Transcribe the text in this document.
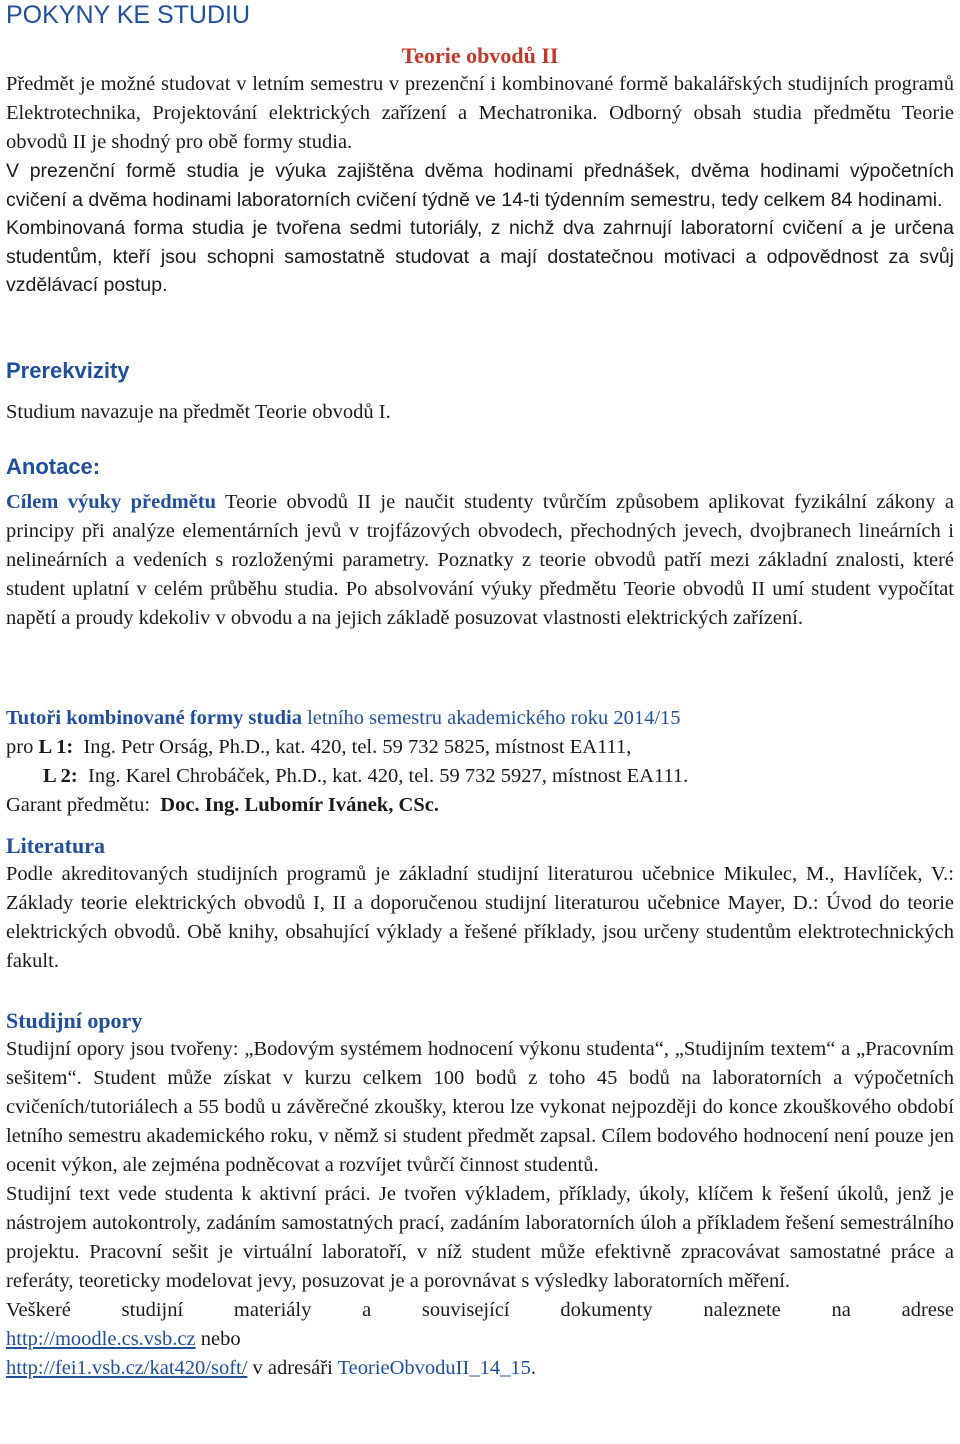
POKYNY KE STUDIU
Teorie obvodů II

Předmět je možné studovat v letním semestru v prezenční i kombinované formě bakalářských studijních programů Elektrotechnika, Projektování elektrických zařízení a Mechatronika. Odborný obsah studia předmětu Teorie obvodů II je shodný pro obě formy studia.

V prezenční formě studia je výuka zajištěna dvěma hodinami přednášek, dvěma hodinami výpočetních cvičení a dvěma hodinami laboratorních cvičení týdně ve 14-ti týdenním semestru, tedy celkem 84 hodinami.

Kombinovaná forma studia je tvořena sedmi tutoriály, z nichž dva zahrnují laboratorní cvičení a je určena studentům, kteří jsou schopni samostatně studovat a mají dostatečnou motivaci a odpovědnost za svůj vzdělávací postup.

Prerekvizity

Studium navazuje na předmět Teorie obvodů I.

Anotace:

Cílem výuky předmětu Teorie obvodů II je naučit studenty tvůrčím způsobem aplikovat fyzikální zákony a principy při analýze elementárních jevů v trojfázových obvodech, přechodných jevech, dvojbranech lineárních i nelineárních a vedeních s rozloženými parametry. Poznatky z teorie obvodů patří mezi základní znalosti, které student uplatní v celém průběhu studia. Po absolvování výuky předmětu Teorie obvodů II umí student vypočítat napětí a proudy kdekoliv v obvodu a na jejich základě posuzovat vlastnosti elektrických zařízení.

Tutoři kombinované formy studia letního semestru akademického roku 2014/15
pro L 1: Ing. Petr Orság, Ph.D., kat. 420, tel. 59 732 5825, místnost EA111,
L 2: Ing. Karel Chrobáček, Ph.D., kat. 420, tel. 59 732 5927, místnost EA111.
Garant předmětu: Doc. Ing. Lubomír Ivánek, CSc.
Literatura

Podle akreditovaných studijních programů je základní studijní literaturou učebnice Mikulec, M., Havlíček, V.: Základy teorie elektrických obvodů I, II a doporučenou studijní literaturou učebnice Mayer, D.: Úvod do teorie elektrických obvodů. Obě knihy, obsahující výklady a řešené příklady, jsou určeny studentům elektrotechnických fakult.

Studijní opory

Studijní opory jsou tvořeny: „Bodovým systémem hodnocení výkonu studenta“, „Studijním textem“ a „Pracovním sešitem“. Student může získat v kurzu celkem 100 bodů z toho 45 bodů na laboratorních a výpočetních cvičeních/tutoriálech a 55 bodů u závěrečné zkoušky, kterou lze vykonat nejpozději do konce zkouškového období letního semestru akademického roku, v němž si student předmět zapsal. Cílem bodového hodnocení není pouze jen ocenit výkon, ale zejména podněcovat a rozvíjet tvůrčí činnost studentů.

Studijní text vede studenta k aktivní práci. Je tvořen výkladem, příklady, úkoly, klíčem k řešení úkolů, jenž je nástrojem autokontroly, zadáním samostatných prací, zadáním laboratorních úloh a příkladem řešení semestrálního projektu. Pracovní sešit je virtuální laboratoří, v níž student může efektivně zpracovávat samostatné práce a referáty, teoreticky modelovat jevy, posuzovat je a porovnávat s výsledky laboratorních měření.

Veškeré studijní materiály a související dokumenty naleznete na adrese

http://moodle.cs.vsb.cz nebo
http://fei1.vsb.cz/kat420/soft/ v adresáři TeorieObvoduII_14_15.
